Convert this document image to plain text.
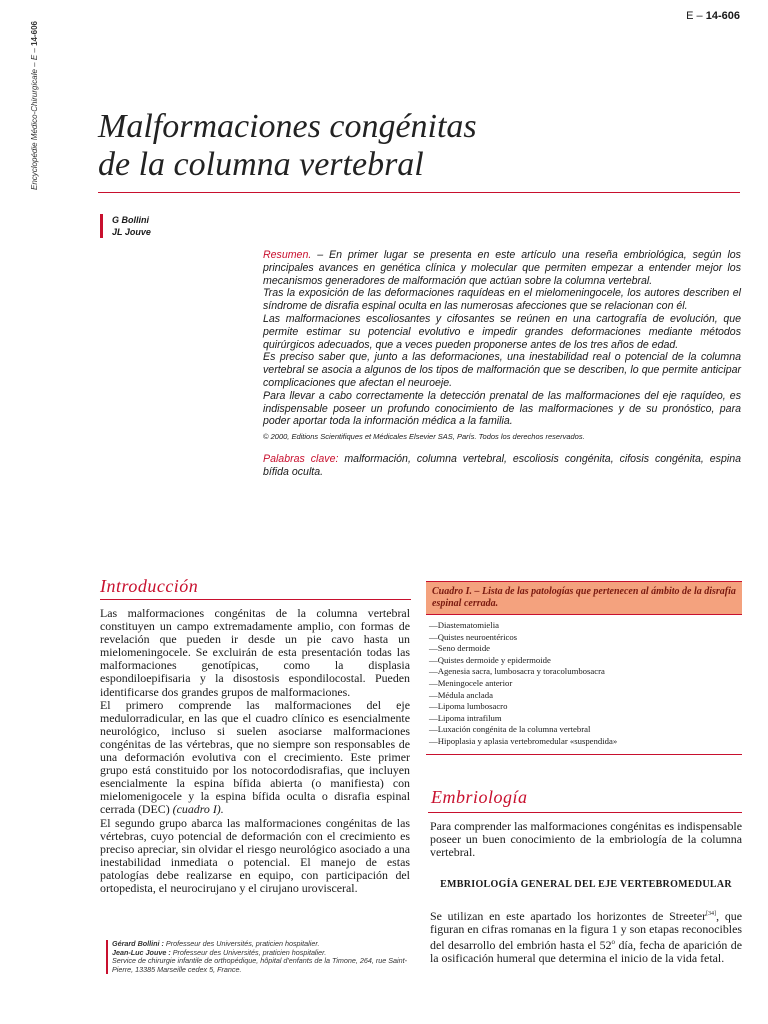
E – 14-606
Encyclopédie Médico-Chirurgicale – E – 14-606
Malformaciones congénitas
de la columna vertebral
G Bollini
JL Jouve

Resumen. – En primer lugar se presenta en este artículo una reseña embriológica, según los principales avances en genética clínica y molecular que permiten empezar a entender mejor los mecanismos generadores de malformación que actúan sobre la columna vertebral.

Tras la exposición de las deformaciones raquídeas en el mielomeningocele, los autores describen el síndrome de disrafia espinal oculta en las numerosas afecciones que se relacionan con él.

Las malformaciones escoliosantes y cifosantes se reúnen en una cartografía de evolución, que permite estimar su potencial evolutivo e impedir grandes deformaciones mediante métodos quirúrgicos adecuados, que a veces pueden proponerse antes de los tres años de edad.

Es preciso saber que, junto a las deformaciones, una inestabilidad real o potencial de la columna vertebral se asocia a algunos de los tipos de malformación que se describen, lo que permite anticipar complicaciones que afectan el neuroeje.

Para llevar a cabo correctamente la detección prenatal de las malformaciones del eje raquídeo, es indispensable poseer un profundo conocimiento de las malformaciones y de su pronóstico, para poder aportar toda la información médica a la familia.

© 2000, Editions Scientifiques et Médicales Elsevier SAS, París. Todos los derechos reservados.

Palabras clave: malformación, columna vertebral, escoliosis congénita, cifosis congénita, espina bífida oculta.

Introducción

Las malformaciones congénitas de la columna vertebral constituyen un campo extremadamente amplio, con formas de revelación que pueden ir desde un pie cavo hasta un mielomeningocele. Se excluirán de esta presentación todas las malformaciones genotípicas, como la displasia espondiloepifisaria y la disostosis espondilocostal. Pueden identificarse dos grandes grupos de malformaciones.

El primero comprende las malformaciones del eje medulorradicular, en las que el cuadro clínico es esencialmente neurológico, incluso si suelen asociarse malformaciones congénitas de las vértebras, que no siempre son responsables de una deformación evolutiva con el crecimiento. Este primer grupo está constituido por los notocordodisrafias, que incluyen esencialmente la espina bífida abierta (o manifiesta) con mielomenigocele y la espina bífida oculta o disrafia espinal cerrada (DEC) (cuadro I).

El segundo grupo abarca las malformaciones congénitas de las vértebras, cuyo potencial de deformación con el crecimiento es preciso apreciar, sin olvidar el riesgo neurológico asociado a una inestabilidad inmediata o potencial. El manejo de estas patologías debe realizarse en equipo, con participación del ortopedista, el neurocirujano y el cirujano urovisceral.

Cuadro I. – Lista de las patologías que pertenecen al ámbito de la disrafia espinal cerrada.
— Diastematomielia
— Quistes neuroentéricos
— Seno dermoide
— Quistes dermoide y epidermoide
— Agenesia sacra, lumbosacra y toracolumbosacra
— Meningocele anterior
— Médula anclada
— Lipoma lumbosacro
— Lipoma intrafilum
— Luxación congénita de la columna vertebral
— Hipoplasia y aplasia vertebromedular «suspendida»
Embriología

Para comprender las malformaciones congénitas es indispensable poseer un buen conocimiento de la embriología de la columna vertebral.

EMBRIOLOGÍA GENERAL DEL EJE VERTEBROMEDULAR

Se utilizan en este apartado los horizontes de Streeter[34], que figuran en cifras romanas en la figura 1 y son etapas reconocibles del desarrollo del embrión hasta el 52$^o$ día, fecha de aparición de la osificación humeral que determina el inicio de la vida fetal.

Gérard Bollini : Professeur des Universités, praticien hospitalier.

Jean-Luc Jouve : Professeur des Universités, praticien hospitalier.

Service de chirurgie infantile de orthopédique, hôpital d'enfants de la Timone, 264, rue Saint-Pierre, 13385 Marseille cedex 5, France.
